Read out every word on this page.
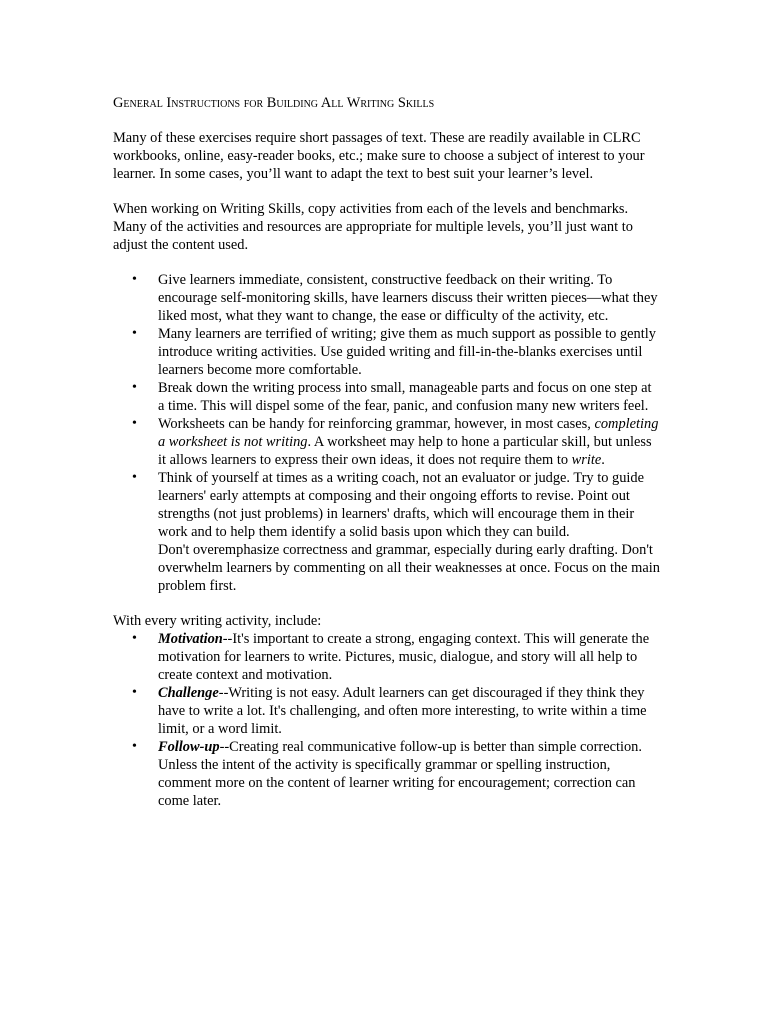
General Instructions for Building All Writing Skills

Many of these exercises require short passages of text. These are readily available in CLRC workbooks, online, easy-reader books, etc.; make sure to choose a subject of interest to your learner. In some cases, you’ll want to adapt the text to best suit your learner’s level.

When working on Writing Skills, copy activities from each of the levels and benchmarks. Many of the activities and resources are appropriate for multiple levels, you’ll just want to adjust the content used.

• Give learners immediate, consistent, constructive feedback on their writing. To encourage self-monitoring skills, have learners discuss their written pieces—what they liked most, what they want to change, the ease or difficulty of the activity, etc.
• Many learners are terrified of writing; give them as much support as possible to gently introduce writing activities. Use guided writing and fill-in-the-blanks exercises until learners become more comfortable.
• Break down the writing process into small, manageable parts and focus on one step at a time. This will dispel some of the fear, panic, and confusion many new writers feel.
• Worksheets can be handy for reinforcing grammar, however, in most cases, completing a worksheet is not writing. A worksheet may help to hone a particular skill, but unless it allows learners to express their own ideas, it does not require them to write.
• Think of yourself at times as a writing coach, not an evaluator or judge. Try to guide learners' early attempts at composing and their ongoing efforts to revise. Point out strengths (not just problems) in learners' drafts, which will encourage them in their work and to help them identify a solid basis upon which they can build.
Don't overemphasize correctness and grammar, especially during early drafting. Don't overwhelm learners by commenting on all their weaknesses at once. Focus on the main problem first.

With every writing activity, include:

• Motivation--It's important to create a strong, engaging context. This will generate the motivation for learners to write. Pictures, music, dialogue, and story will all help to create context and motivation.
• Challenge--Writing is not easy. Adult learners can get discouraged if they think they have to write a lot. It's challenging, and often more interesting, to write within a time limit, or a word limit.
• Follow-up--Creating real communicative follow-up is better than simple correction. Unless the intent of the activity is specifically grammar or spelling instruction, comment more on the content of learner writing for encouragement; correction can come later.
